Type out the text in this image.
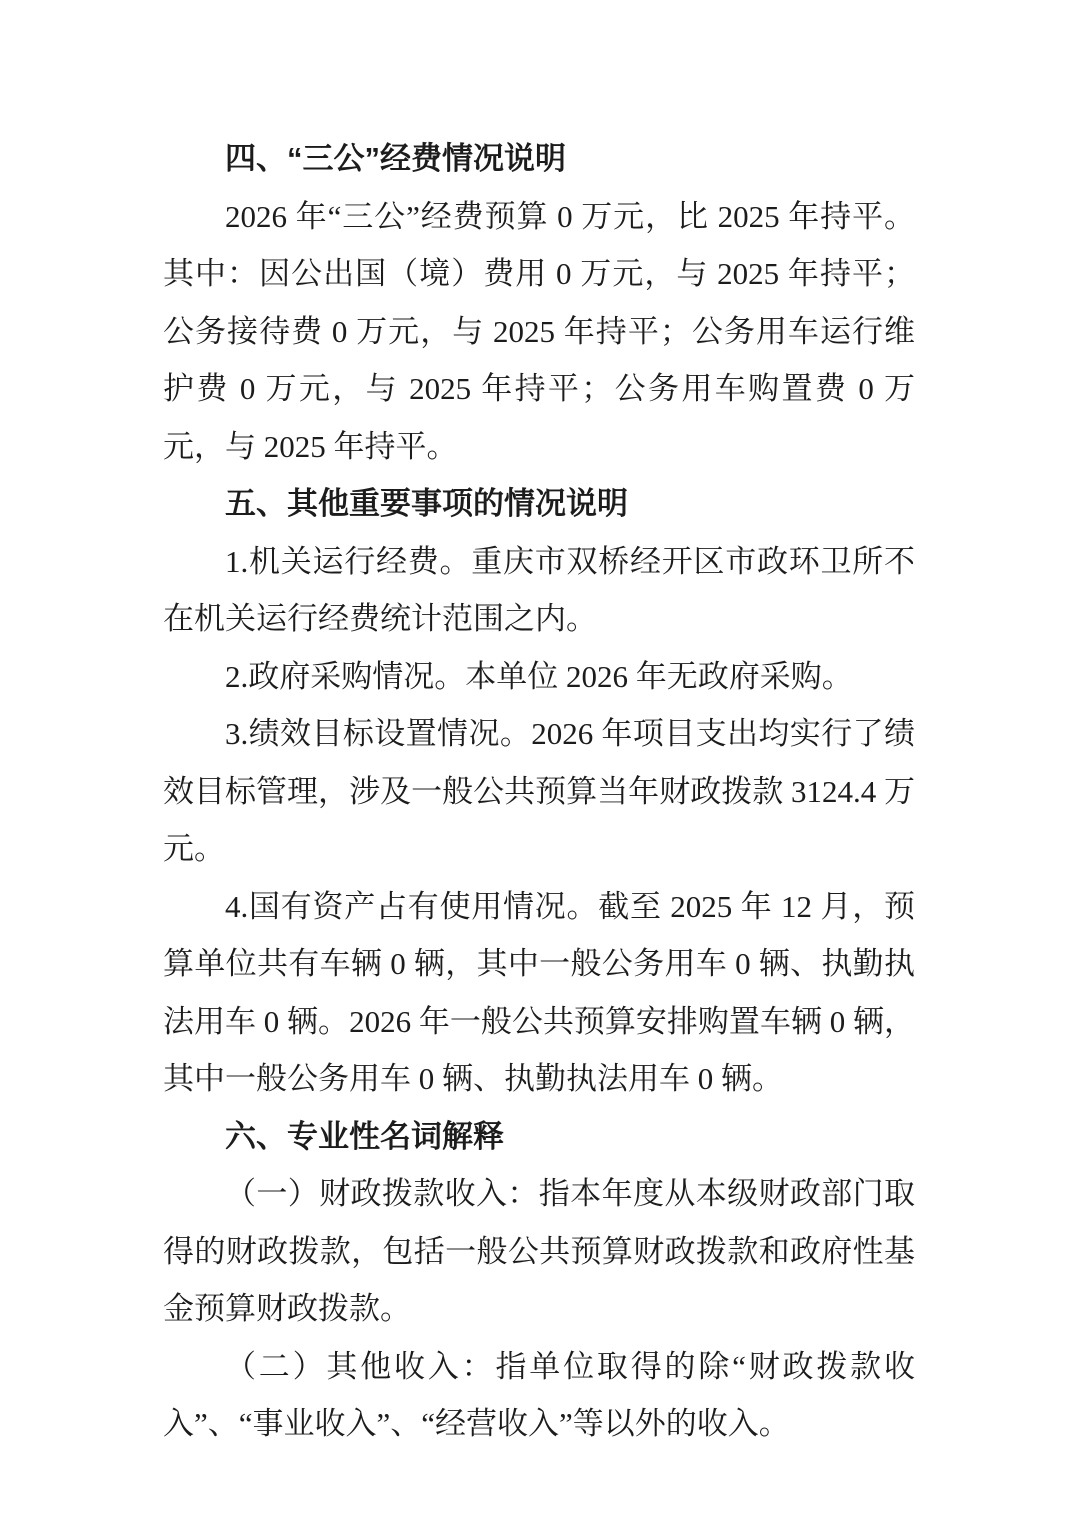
四、“三公”经费情况说明

2026 年“三公”经费预算 0 万元，比 2025 年持平。其中：因公出国（境）费用 0 万元，与 2025 年持平；公务接待费 0 万元，与 2025 年持平；公务用车运行维护费 0 万元，与 2025 年持平；公务用车购置费 0 万元，与 2025 年持平。

五、其他重要事项的情况说明

1.机关运行经费。重庆市双桥经开区市政环卫所不在机关运行经费统计范围之内。

2.政府采购情况。本单位 2026 年无政府采购。

3.绩效目标设置情况。2026 年项目支出均实行了绩效目标管理，涉及一般公共预算当年财政拨款 3124.4 万元。

4.国有资产占有使用情况。截至 2025 年 12 月，预算单位共有车辆 0 辆，其中一般公务用车 0 辆、执勤执法用车 0 辆。2026 年一般公共预算安排购置车辆 0 辆，其中一般公务用车 0 辆、执勤执法用车 0 辆。

六、专业性名词解释

（一）财政拨款收入：指本年度从本级财政部门取得的财政拨款，包括一般公共预算财政拨款和政府性基金预算财政拨款。

（二）其他收入：指单位取得的除“财政拨款收入”、“事业收入”、“经营收入”等以外的收入。
